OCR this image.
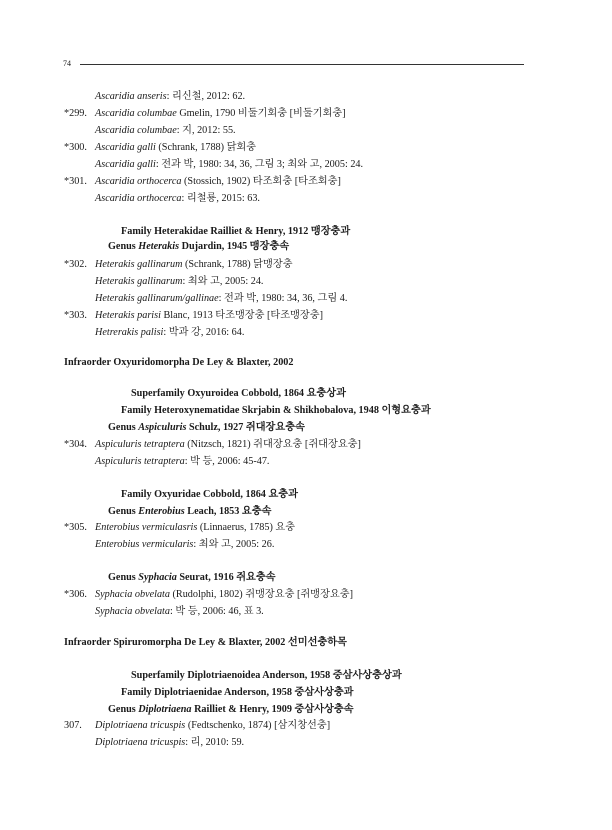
74
Ascaridia anseris: 리신철, 2012: 62.
*299. Ascaridia columbae Gmelin, 1790 비둘기회충 [비둘기회충]
Ascaridia columbae: 지, 2012: 55.
*300. Ascaridia galli (Schrank, 1788) 닭회충
Ascaridia galli: 전과 박, 1980: 34, 36, 그림 3; 최와 고, 2005: 24.
*301. Ascaridia orthocerca (Stossich, 1902) 타조회충 [타조회충]
Ascaridia orthocerca: 리철룡, 2015: 63.
Family Heterakidae Railliet & Henry, 1912 맹장충과
Genus Heterakis Dujardin, 1945 맹장충속
*302. Heterakis gallinarum (Schrank, 1788) 닭맹장충
Heterakis gallinarum: 최와 고, 2005: 24.
Heterakis gallinarum/gallinae: 전과 박, 1980: 34, 36, 그림 4.
*303. Heterakis parisi Blanc, 1913 타조맹장충 [타조맹장충]
Hetrerakis palisi: 박과 강, 2016: 64.
Infraorder Oxyuridomorpha De Ley & Blaxter, 2002
Superfamily Oxyuroidea Cobbold, 1864 요충상과
Family Heteroxynematidae Skrjabin & Shikhobalova, 1948 이형요충과
Genus Aspiculuris Schulz, 1927 쥐대장요충속
*304. Aspiculuris tetraptera (Nitzsch, 1821) 쥐대장요충 [쥐대장요충]
Aspiculuris tetraptera: 박 등, 2006: 45-47.
Family Oxyuridae Cobbold, 1864 요충과
Genus Enterobius Leach, 1853 요충속
*305. Enterobius vermiculasris (Linnaerus, 1785) 요충
Enterobius vermicularis: 최와 고, 2005: 26.
Genus Syphacia Seurat, 1916 쥐요충속
*306. Syphacia obvelata (Rudolphi, 1802) 쥐맹장요충 [쥐맹장요충]
Syphacia obvelata: 박 등, 2006: 46, 표 3.
Infraorder Spiruromorpha De Ley & Blaxter, 2002 선미선충하목
Superfamily Diplotriaenoidea Anderson, 1958 중삼사상충상과
Family Diplotriaenidae Anderson, 1958 중삼사상충과
Genus Diplotriaena Railliet & Henry, 1909 중삼사상충속
307. Diplotriaena tricuspis (Fedtschenko, 1874) [삼지창선충]
Diplotriaena tricuspis: 리, 2010: 59.
